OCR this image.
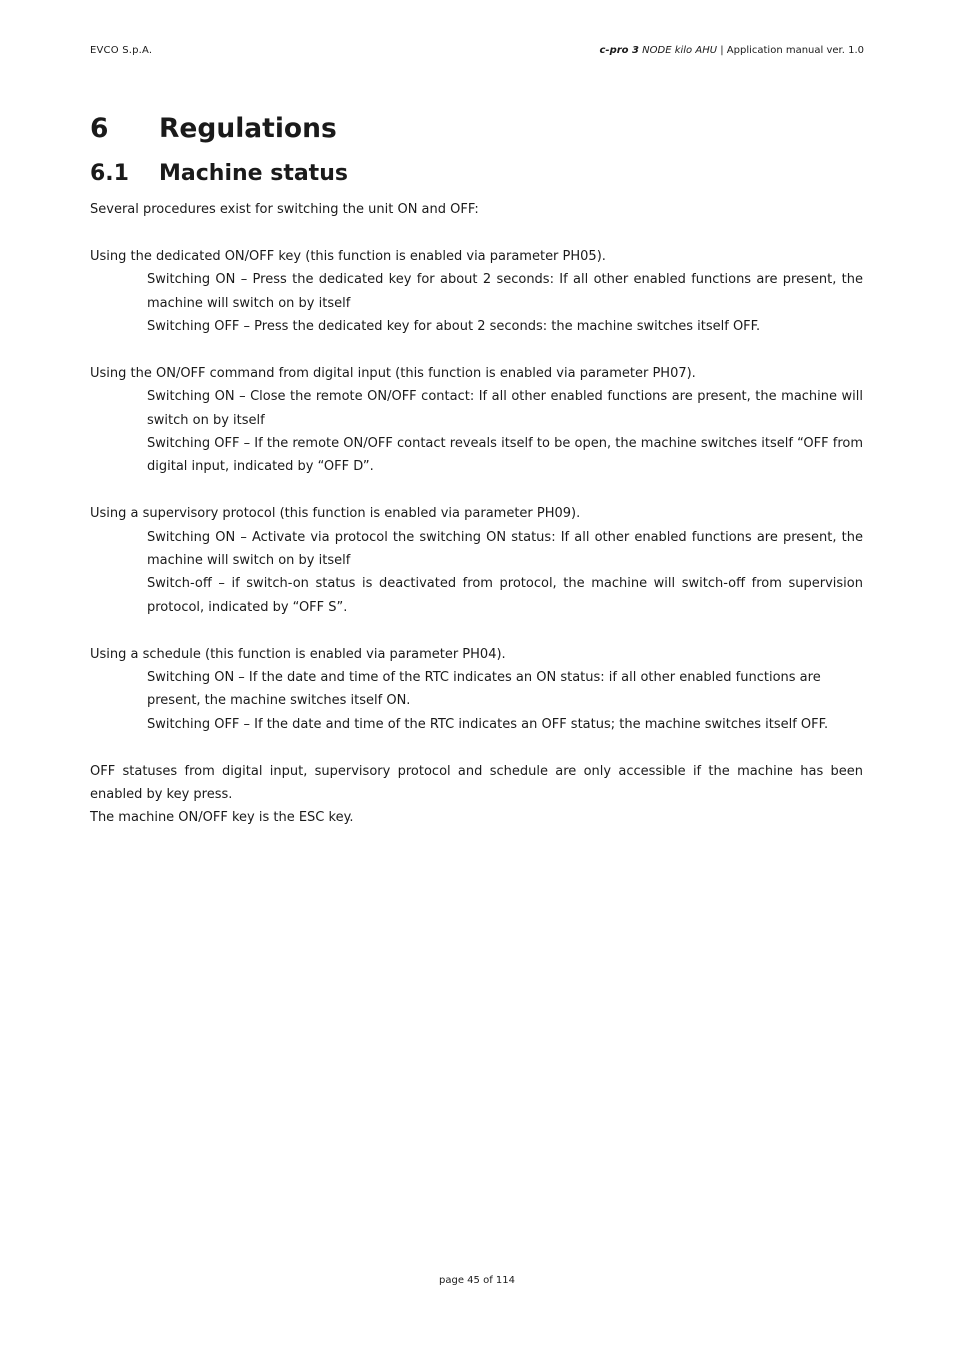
EVCO S.p.A.	c-pro 3 NODE kilo AHU | Application manual ver. 1.0
6	Regulations
6.1	Machine status

Several procedures exist for switching the unit ON and OFF:

Using the dedicated ON/OFF key (this function is enabled via parameter PH05).

Switching ON – Press the dedicated key for about 2 seconds: If all other enabled functions are present, the machine will switch on by itself

Switching OFF – Press the dedicated key for about 2 seconds: the machine switches itself OFF.

Using the ON/OFF command from digital input (this function is enabled via parameter PH07).

Switching ON – Close the remote ON/OFF contact: If all other enabled functions are present, the machine will switch on by itself

Switching OFF – If the remote ON/OFF contact reveals itself to be open, the machine switches itself “OFF from digital input, indicated by “OFF D”.

Using a supervisory protocol (this function is enabled via parameter PH09).

Switching ON – Activate via protocol the switching ON status: If all other enabled functions are present, the machine will switch on by itself

Switch-off – if switch-on status is deactivated from protocol, the machine will switch-off from supervision protocol, indicated by “OFF S”.

Using a schedule (this function is enabled via parameter PH04).

Switching ON – If the date and time of the RTC indicates an ON status: if all other enabled functions are present, the machine switches itself ON.

Switching OFF – If the date and time of the RTC indicates an OFF status; the machine switches itself OFF.

OFF statuses from digital input, supervisory protocol and schedule are only accessible if the machine has been enabled by key press.

The machine ON/OFF key is the ESC key.

page 45 of 114
